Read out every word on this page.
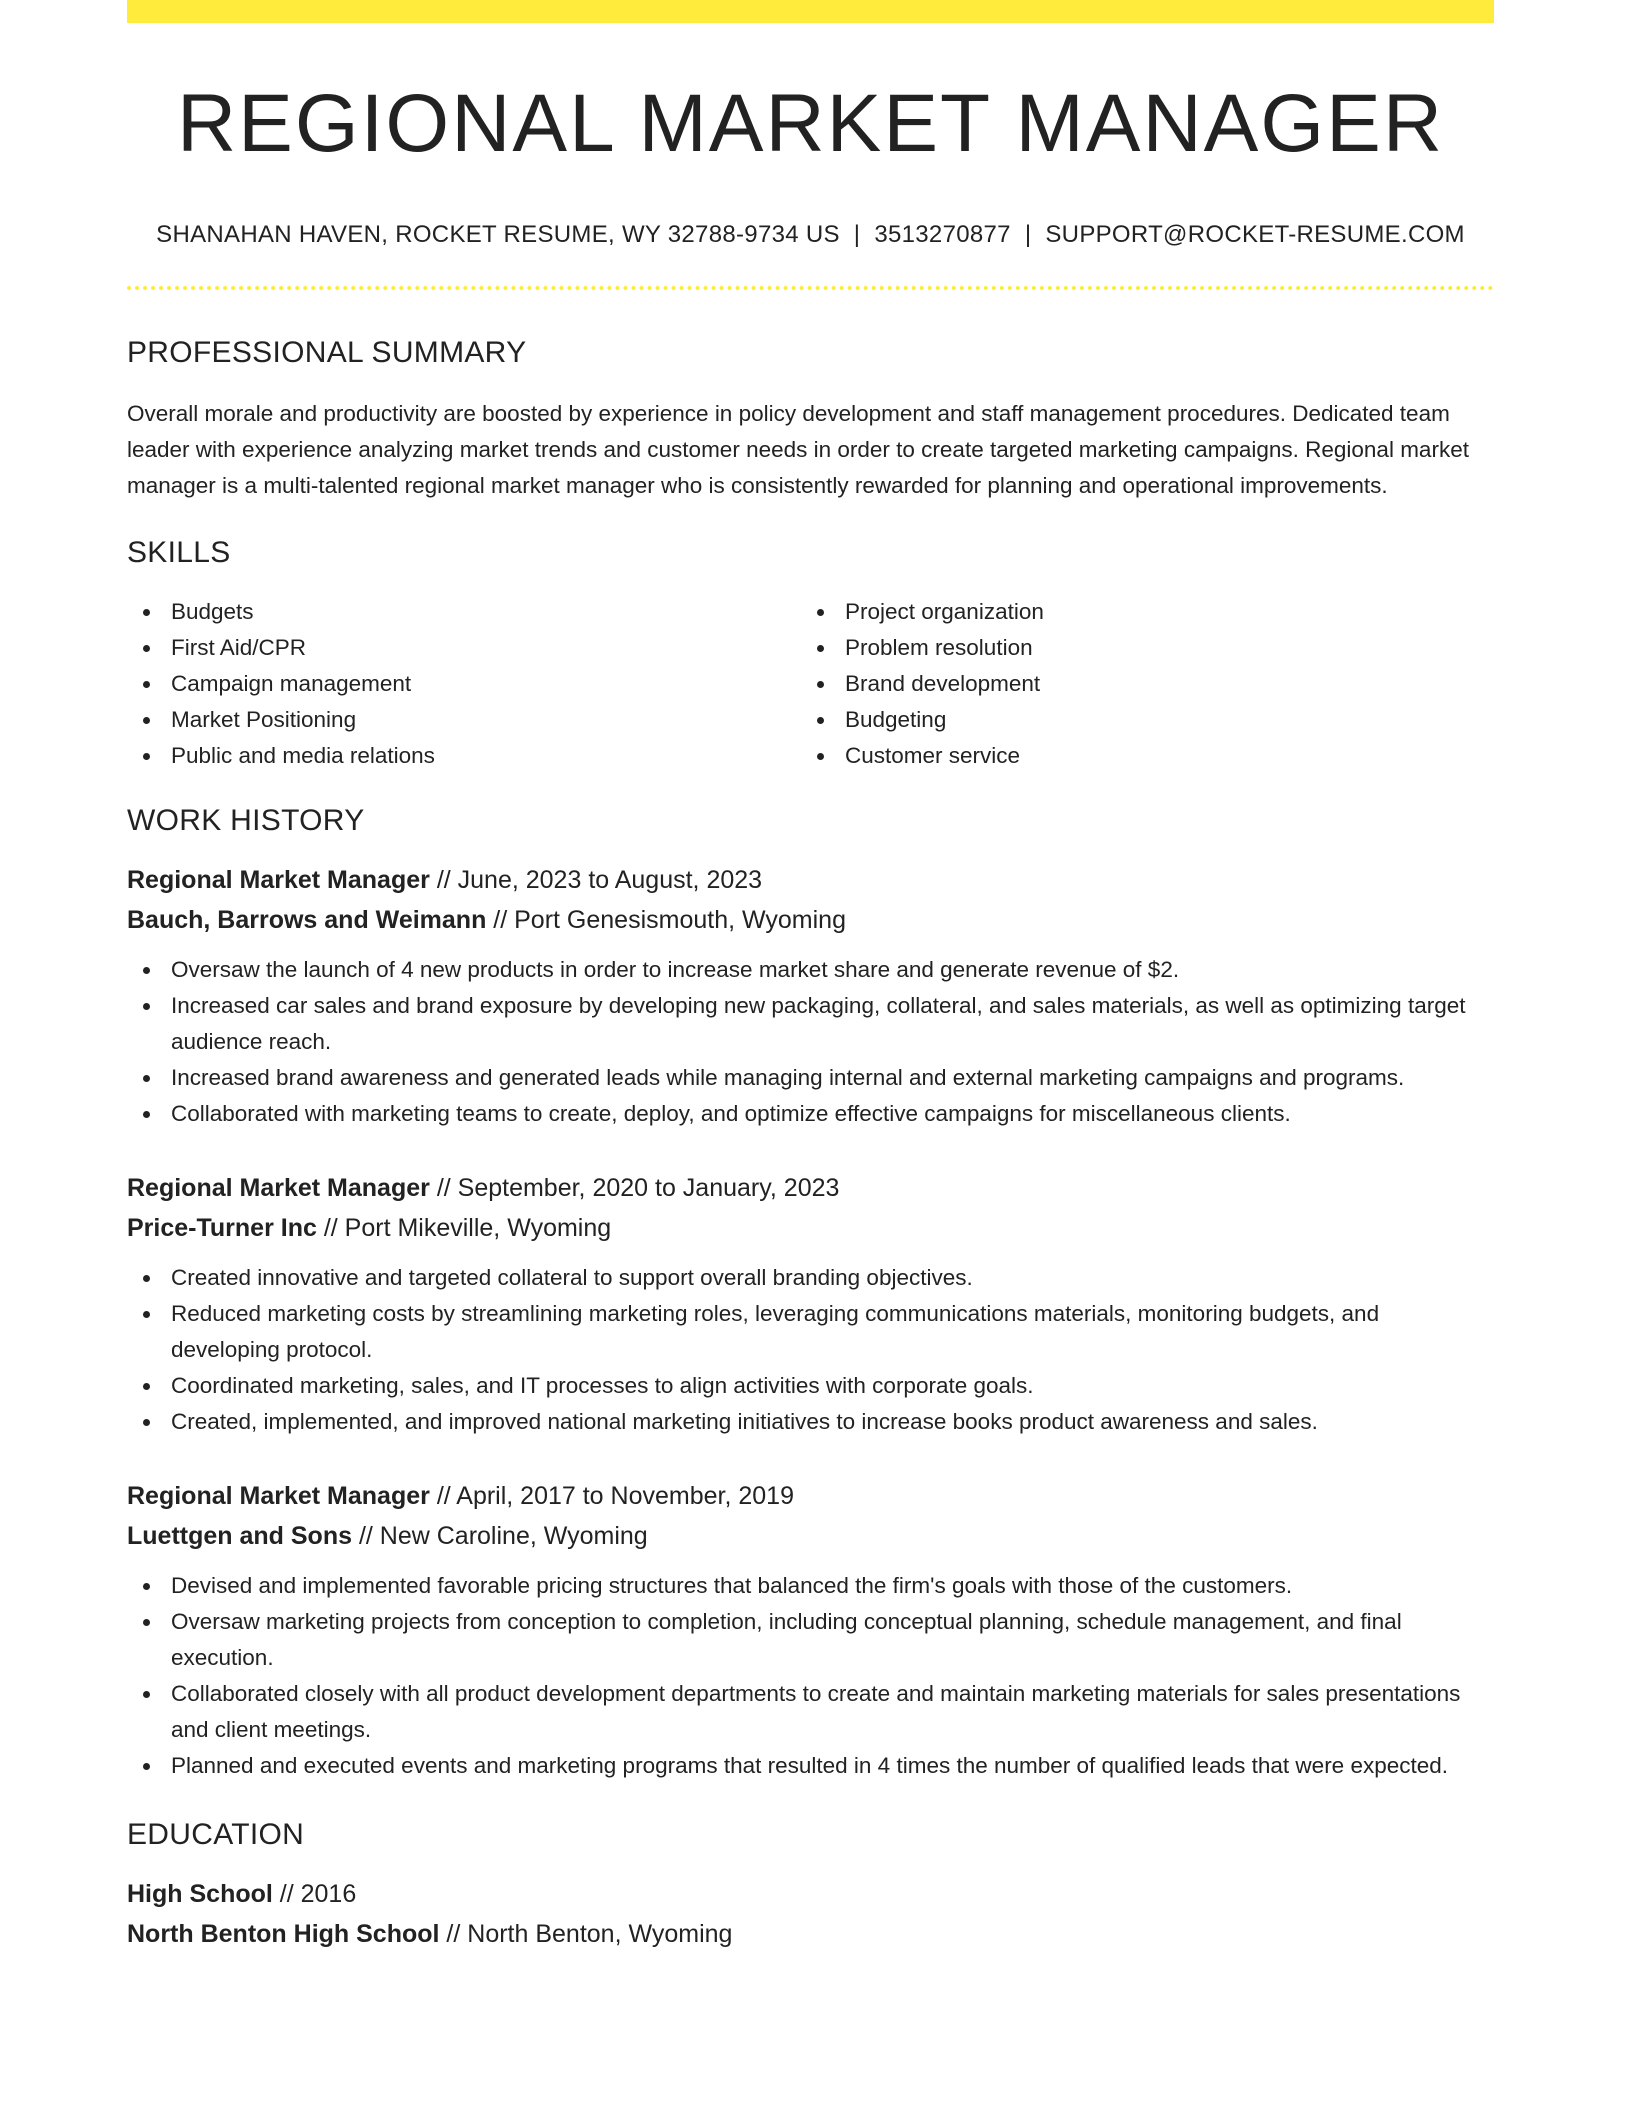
REGIONAL MARKET MANAGER
SHANAHAN HAVEN, ROCKET RESUME, WY 32788-9734 US | 3513270877 | SUPPORT@ROCKET-RESUME.COM
PROFESSIONAL SUMMARY

Overall morale and productivity are boosted by experience in policy development and staff management procedures. Dedicated team leader with experience analyzing market trends and customer needs in order to create targeted marketing campaigns. Regional market manager is a multi-talented regional market manager who is consistently rewarded for planning and operational improvements.

SKILLS
Budgets
First Aid/CPR
Campaign management
Market Positioning
Public and media relations
Project organization
Problem resolution
Brand development
Budgeting
Customer service
WORK HISTORY
Regional Market Manager // June, 2023 to August, 2023
Bauch, Barrows and Weimann // Port Genesismouth, Wyoming
Oversaw the launch of 4 new products in order to increase market share and generate revenue of $2.
Increased car sales and brand exposure by developing new packaging, collateral, and sales materials, as well as optimizing target audience reach.
Increased brand awareness and generated leads while managing internal and external marketing campaigns and programs.
Collaborated with marketing teams to create, deploy, and optimize effective campaigns for miscellaneous clients.
Regional Market Manager // September, 2020 to January, 2023
Price-Turner Inc // Port Mikeville, Wyoming
Created innovative and targeted collateral to support overall branding objectives.
Reduced marketing costs by streamlining marketing roles, leveraging communications materials, monitoring budgets, and developing protocol.
Coordinated marketing, sales, and IT processes to align activities with corporate goals.
Created, implemented, and improved national marketing initiatives to increase books product awareness and sales.
Regional Market Manager // April, 2017 to November, 2019
Luettgen and Sons // New Caroline, Wyoming
Devised and implemented favorable pricing structures that balanced the firm's goals with those of the customers.
Oversaw marketing projects from conception to completion, including conceptual planning, schedule management, and final execution.
Collaborated closely with all product development departments to create and maintain marketing materials for sales presentations and client meetings.
Planned and executed events and marketing programs that resulted in 4 times the number of qualified leads that were expected.
EDUCATION
High School // 2016
North Benton High School // North Benton, Wyoming
